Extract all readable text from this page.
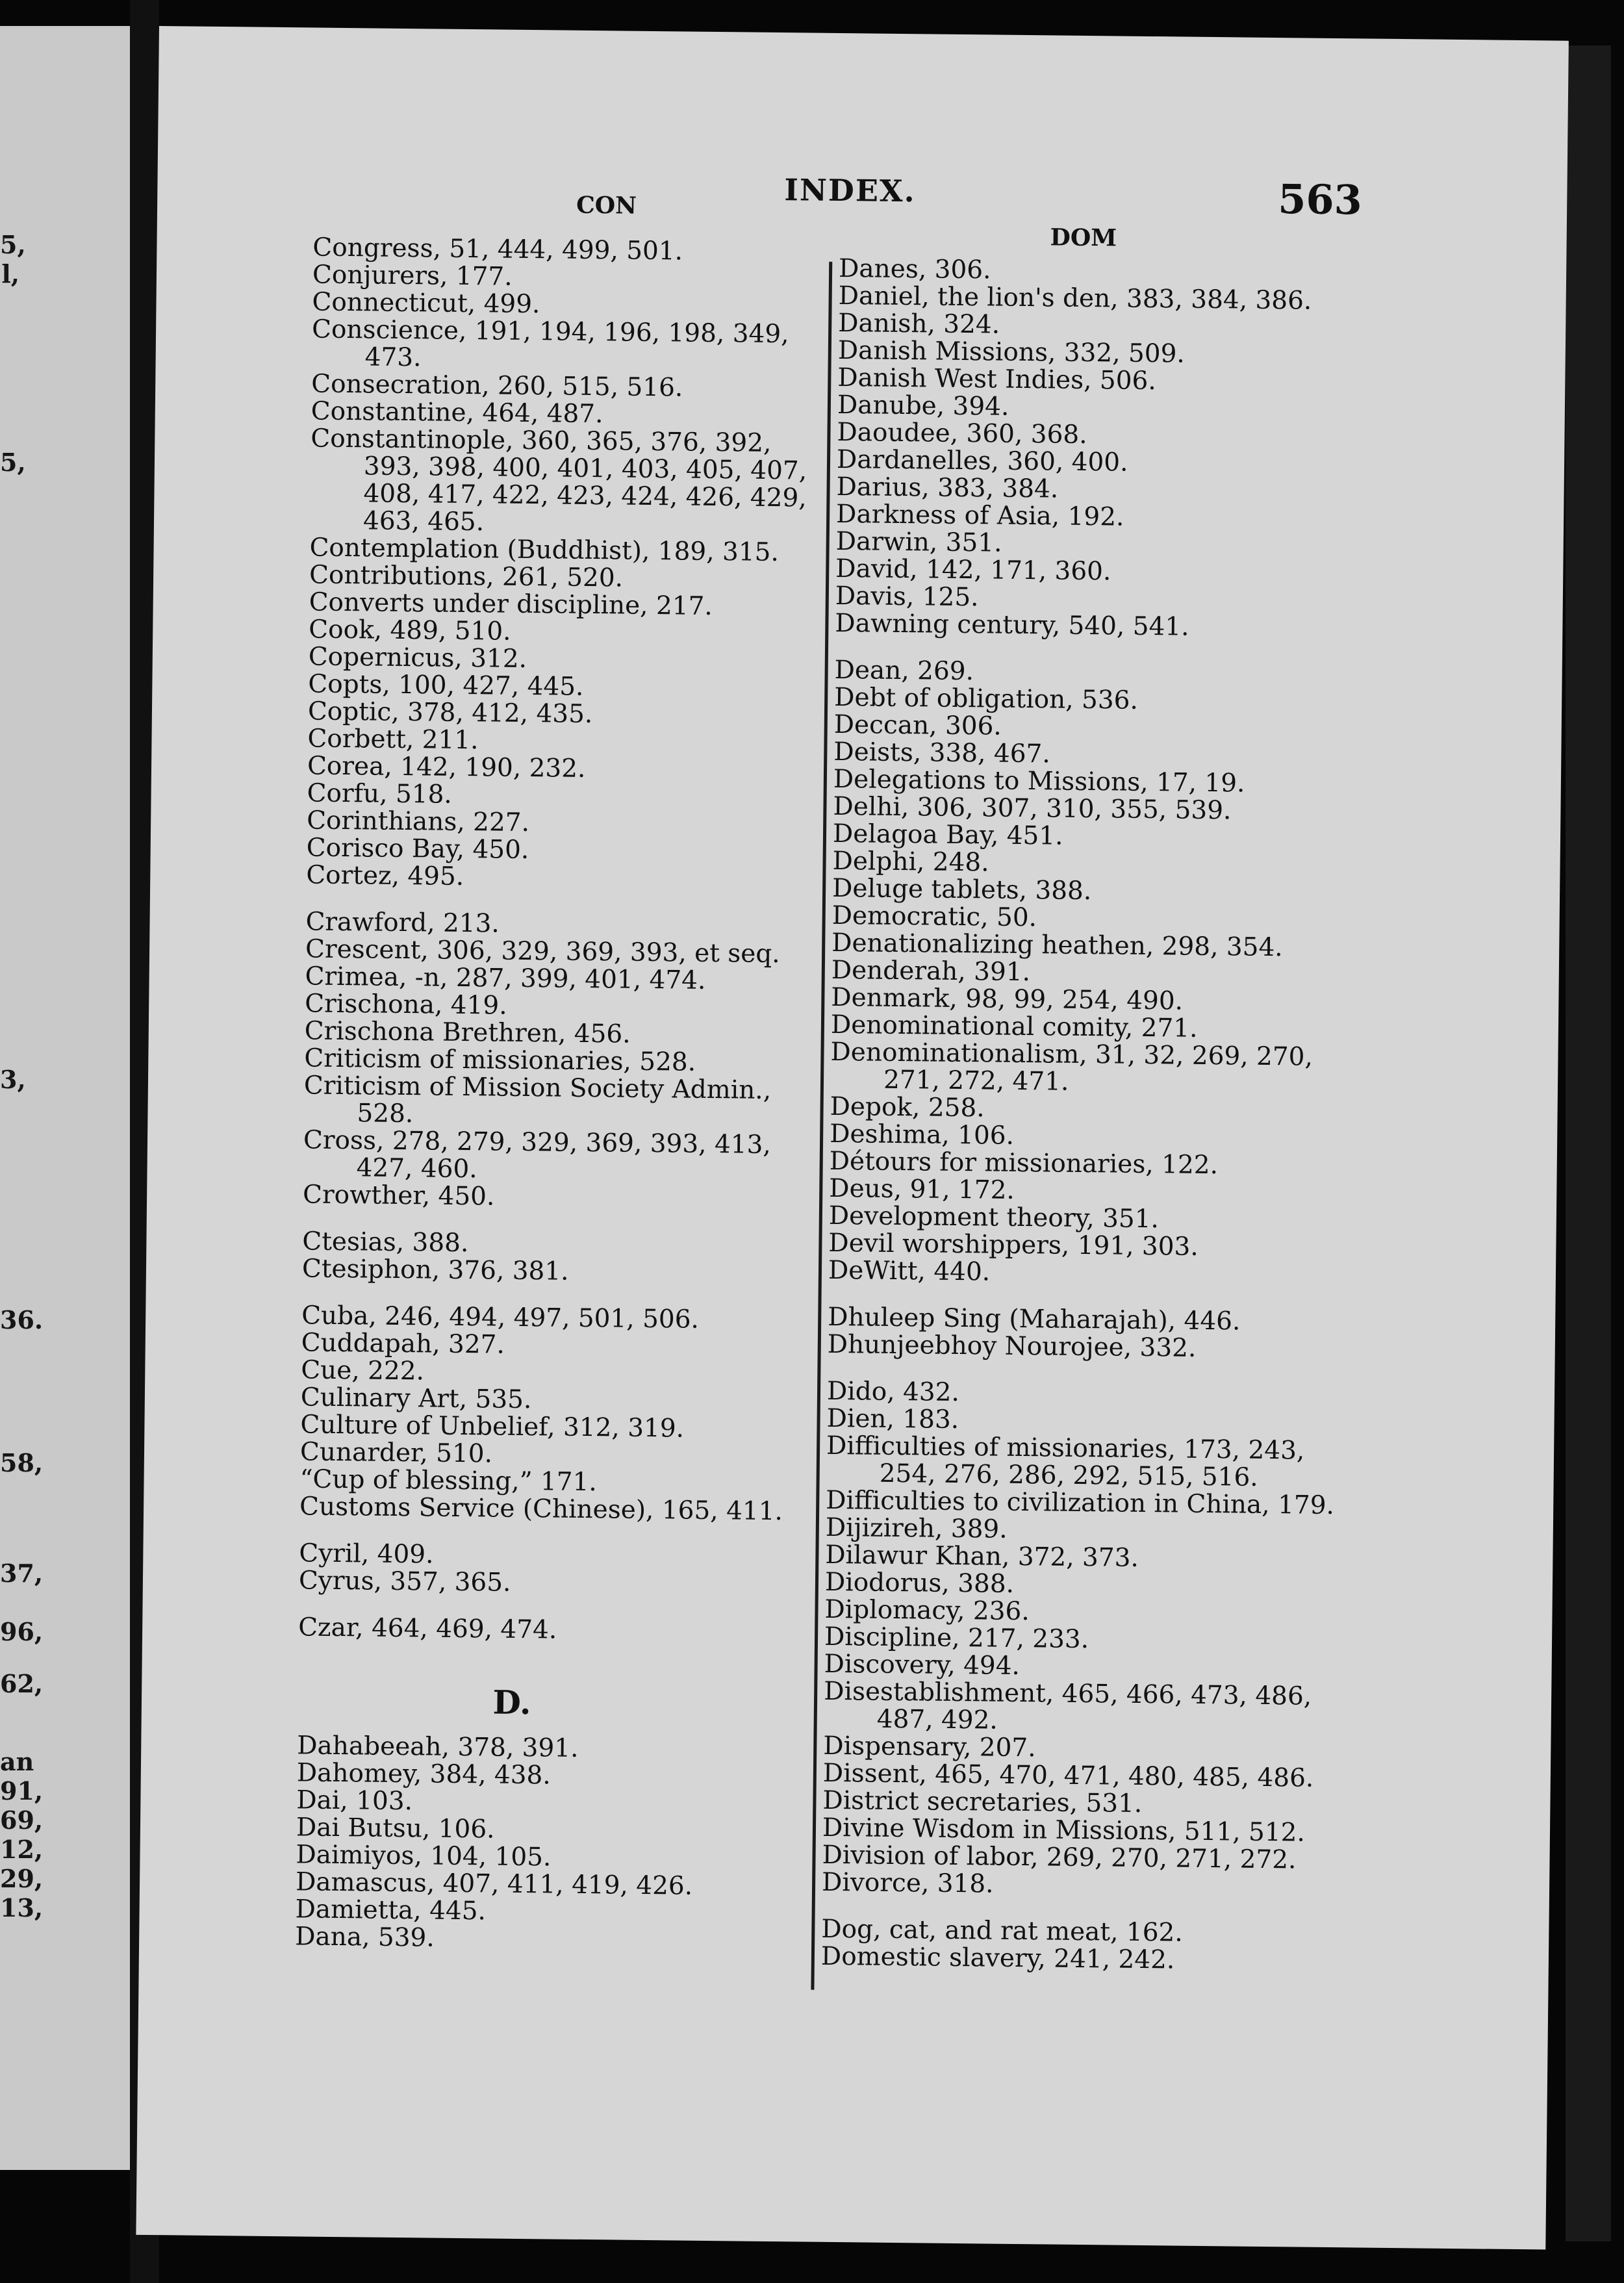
5,
l,
5,
3,
36.
58,
37,
96,
62,
an
91,
69,
12,
29,
13,
INDEX.	563
CON
DOM
Congress, 51, 444, 499, 501.
Conjurers, 177.
Connecticut, 499.
Conscience, 191, 194, 196, 198, 349, 473.
Consecration, 260, 515, 516.
Constantine, 464, 487.
Constantinople, 360, 365, 376, 392, 393, 398, 400, 401, 403, 405, 407, 408, 417, 422, 423, 424, 426, 429, 463, 465.
Contemplation (Buddhist), 189, 315.
Contributions, 261, 520.
Converts under discipline, 217.
Cook, 489, 510.
Copernicus, 312.
Copts, 100, 427, 445.
Coptic, 378, 412, 435.
Corbett, 211.
Corea, 142, 190, 232.
Corfu, 518.
Corinthians, 227.
Corisco Bay, 450.
Cortez, 495.
Crawford, 213.
Crescent, 306, 329, 369, 393, et seq.
Crimea, -n, 287, 399, 401, 474.
Crischona, 419.
Crischona Brethren, 456.
Criticism of missionaries, 528.
Criticism of Mission Society Admin., 528.
Cross, 278, 279, 329, 369, 393, 413, 427, 460.
Crowther, 450.
Ctesias, 388.
Ctesiphon, 376, 381.
Cuba, 246, 494, 497, 501, 506.
Cuddapah, 327.
Cue, 222.
Culinary Art, 535.
Culture of Unbelief, 312, 319.
Cunarder, 510.
“Cup of blessing,” 171.
Customs Service (Chinese), 165, 411.
Cyril, 409.
Cyrus, 357, 365.
Czar, 464, 469, 474.
D.
Dahabeeah, 378, 391.
Dahomey, 384, 438.
Dai, 103.
Dai Butsu, 106.
Daimiyos, 104, 105.
Damascus, 407, 411, 419, 426.
Damietta, 445.
Dana, 539.
Danes, 306.
Daniel, the lion's den, 383, 384, 386.
Danish, 324.
Danish Missions, 332, 509.
Danish West Indies, 506.
Danube, 394.
Daoudee, 360, 368.
Dardanelles, 360, 400.
Darius, 383, 384.
Darkness of Asia, 192.
Darwin, 351.
David, 142, 171, 360.
Davis, 125.
Dawning century, 540, 541.
Dean, 269.
Debt of obligation, 536.
Deccan, 306.
Deists, 338, 467.
Delegations to Missions, 17, 19.
Delhi, 306, 307, 310, 355, 539.
Delagoa Bay, 451.
Delphi, 248.
Deluge tablets, 388.
Democratic, 50.
Denationalizing heathen, 298, 354.
Denderah, 391.
Denmark, 98, 99, 254, 490.
Denominational comity, 271.
Denominationalism, 31, 32, 269, 270, 271, 272, 471.
Depok, 258.
Deshima, 106.
Détours for missionaries, 122.
Deus, 91, 172.
Development theory, 351.
Devil worshippers, 191, 303.
DeWitt, 440.
Dhuleep Sing (Maharajah), 446.
Dhunjeebhoy Nourojee, 332.
Dido, 432.
Dien, 183.
Difficulties of missionaries, 173, 243, 254, 276, 286, 292, 515, 516.
Difficulties to civilization in China, 179.
Dijizireh, 389.
Dilawur Khan, 372, 373.
Diodorus, 388.
Diplomacy, 236.
Discipline, 217, 233.
Discovery, 494.
Disestablishment, 465, 466, 473, 486, 487, 492.
Dispensary, 207.
Dissent, 465, 470, 471, 480, 485, 486.
District secretaries, 531.
Divine Wisdom in Missions, 511, 512.
Division of labor, 269, 270, 271, 272.
Divorce, 318.
Dog, cat, and rat meat, 162.
Domestic slavery, 241, 242.
